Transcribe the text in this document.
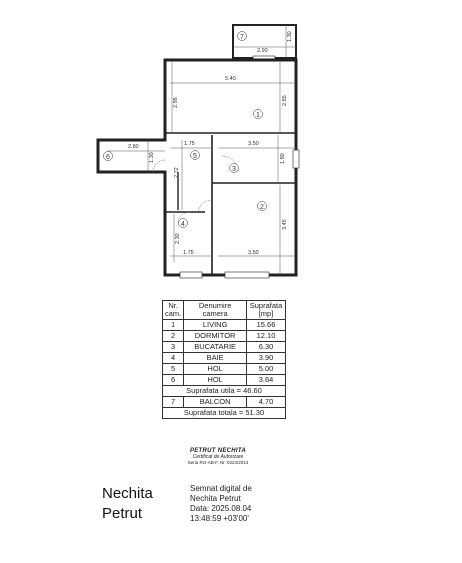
2.90
1.30
5.40
2.85
2.98
1.75	3.50
1.80
2.80
1.30
2.72
3.50
3.45
1.75
2.30
1
2
3
4
5
6
7
Nr. cam.	Denumire camera	Suprafata [mp]
1	LIVING	15.66
2	DORMITOR	12.10
3	BUCATARIE	6.30
4	BAIE	3.90
5	HOL	5.00
6	HOL	3.64
Suprafata utila = 46.60		
7	BALCON	4.70
Suprafata totala = 51.30		
PETRUT NECHITA
Certificat de Autorizare
Seria RO-AB-F, Nr. 0224/2014
Nechita
Petrut
Semnat digital de
Nechita Petrut
Data: 2025.08.04
13:48:59 +03'00'
